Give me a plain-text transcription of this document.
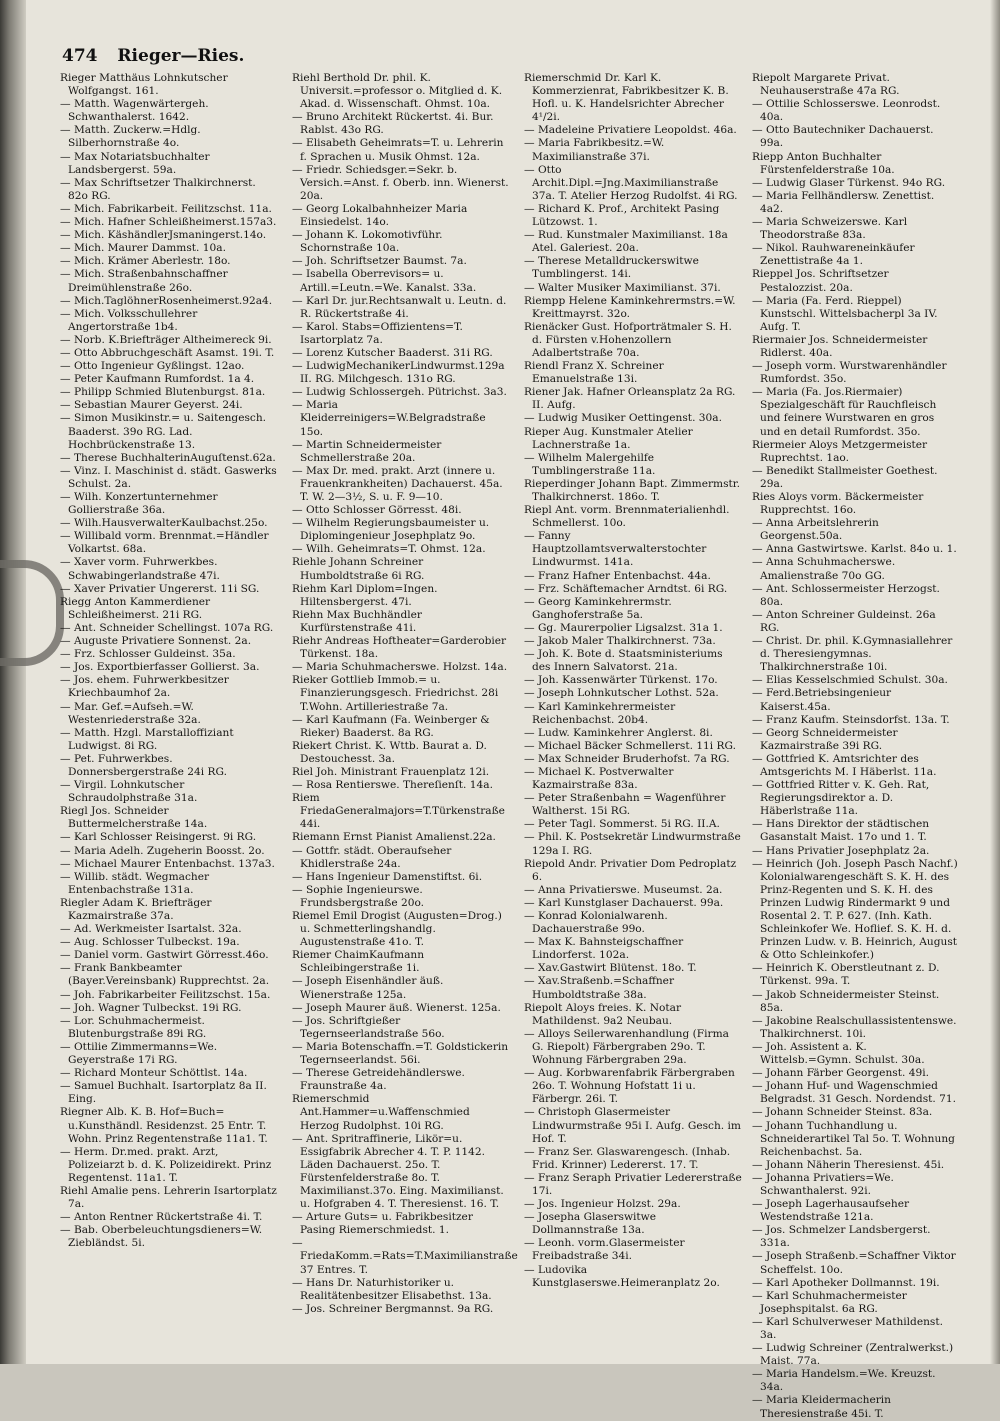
474 Rieger—Ries.

Rieger Matthäus Lohnkutscher Wolfgangst. 161.

— Matth. Wagenwärtergeh. Schwanthalerst. 1642.

— Matth. Zuckerw.=Hdlg. Silberhornstraße 4o.

— Max Notariatsbuchhalter Landsbergerst. 59a.

— Max Schriftsetzer Thalkirchnerst. 82o RG.

— Mich. Fabrikarbeit. Feilitzschst. 11a.

— Mich. Hafner Schleißheimerst.157a3.

— Mich. KäshändlerJsmaningerst.14o.

— Mich. Maurer Dammst. 10a.

— Mich. Krämer Aberlestr. 18o.

— Mich. Straßenbahnschaffner Dreimühlenstraße 26o.

— Mich.TaglöhnerRosenheimerst.92a4.

— Mich. Volksschullehrer Angertorstraße 1b4.

— Norb. K.Briefträger Altheimereck 9i.

— Otto Abbruchgeschäft Asamst. 19i. T.

— Otto Ingenieur Gyßlingst. 12ao.

— Peter Kaufmann Rumfordst. 1a 4.

— Philipp Schmied Blutenburgst. 81a.

— Sebastian Maurer Geyerst. 24i.

— Simon Musikinstr.= u. Saitengesch. Baaderst. 39o RG. Lad. Hochbrückenstraße 13.

— Therese BuchhalterinAuguſtenst.62a.

— Vinz. I. Maschinist d. städt. Gaswerks Schulst. 2a.

— Wilh. Konzertunternehmer Gollierstraße 36a.

— Wilh.HausverwalterKaulbachst.25o.

— Willibald vorm. Brennmat.=Händler Volkartst. 68a.

— Xaver vorm. Fuhrwerkbes. Schwabingerlandstraße 47i.

— Xaver Privatier Ungererst. 11i SG.

Riegg Anton Kammerdiener Schleißheimerst. 21i RG.

— Ant. Schneider Schellingst. 107a RG.

— Auguste Privatiere Sonnenst. 2a.

— Frz. Schlosser Guldeinst. 35a.

— Jos. Exportbierfasser Gollierst. 3a.

— Jos. ehem. Fuhrwerkbesitzer Kriechbaumhof 2a.

— Mar. Gef.=Aufseh.=W. Westenriederstraße 32a.

— Matth. Hzgl. Marstalloffiziant Ludwigst. 8i RG.

— Pet. Fuhrwerkbes. Donnersbergerstraße 24i RG.

— Virgil. Lohnkutscher Schraudolphstraße 31a.

Riegl Jos. Schneider Buttermelcherstraße 14a.

— Karl Schlosser Reisingerst. 9i RG.

— Maria Adelh. Zugeherin Boosst. 2o.

— Michael Maurer Entenbachst. 137a3.

— Willib. städt. Wegmacher Entenbachstraße 131a.

Riegler Adam K. Briefträger Kazmairstraße 37a.

— Ad. Werkmeister Isartalst. 32a.

— Aug. Schlosser Tulbeckst. 19a.

— Daniel vorm. Gastwirt Görresst.46o.

— Frank Bankbeamter (Bayer.Vereinsbank) Rupprechtst. 2a.

— Joh. Fabrikarbeiter Feilitzschst. 15a.

— Joh. Wagner Tulbeckst. 19i RG.

— Lor. Schuhmachermeist. Blutenburgstraße 89i RG.

— Ottilie Zimmermanns=We. Geyerstraße 17i RG.

— Richard Monteur Schöttlst. 14a.

— Samuel Buchhalt. Isartorplatz 8a II. Eing.

Riegner Alb. K. B. Hof=Buch= u.Kunsthändl. Residenzst. 25 Entr. T. Wohn. Prinz Regentenstraße 11a1. T.

— Herm. Dr.med. prakt. Arzt, Polizeiarzt b. d. K. Polizeidirekt. Prinz Regentenst. 11a1. T.

Riehl Amalie pens. Lehrerin Isartorplatz 7a.

— Anton Rentner Rückertstraße 4i. T.

— Bab. Oberbeleuchtungsdieners=W. Ziebländst. 5i.

Riehl Berthold Dr. phil. K. Universit.=professor o. Mitglied d. K. Akad. d. Wissenschaft. Ohmst. 10a.

— Bruno Architekt Rückertst. 4i. Bur. Rablst. 43o RG.

— Elisabeth Geheimrats=T. u. Lehrerin f. Sprachen u. Musik Ohmst. 12a.

— Friedr. Schiedsger.=Sekr. b. Versich.=Anst. f. Oberb. inn. Wienerst. 20a.

— Georg Lokalbahnheizer Maria Einsiedelst. 14o.

— Johann K. Lokomotivführ. Schornstraße 10a.

— Joh. Schriftsetzer Baumst. 7a.

— Isabella Oberrevisors= u. Artill.=Leutn.=We. Kanalst. 33a.

— Karl Dr. jur.Rechtsanwalt u. Leutn. d. R. Rückertstraße 4i.

— Karol. Stabs=Offizientens=T. Isartorplatz 7a.

— Lorenz Kutscher Baaderst. 31i RG.

— LudwigMechanikerLindwurmst.129a II. RG. Milchgesch. 131o RG.

— Ludwig Schlossergeh. Pütrichst. 3a3.

— Maria Kleiderreinigers=W.Belgradstraße 15o.

— Martin Schneidermeister Schmellerstraße 20a.

— Max Dr. med. prakt. Arzt (innere u. Frauenkrankheiten) Dachauerst. 45a. T. W. 2—3½, S. u. F. 9—10.

— Otto Schlosser Görresst. 48i.

— Wilhelm Regierungsbaumeister u. Diplomingenieur Josephplatz 9o.

— Wilh. Geheimrats=T. Ohmst. 12a.

Riehle Johann Schreiner Humboldtstraße 6i RG.

Riehm Karl Diplom=Ingen. Hiltensbergerst. 47i.

Riehn Max Buchhändler Kurfürstenstraße 41i.

Riehr Andreas Hoftheater=Garderobier Türkenst. 18a.

— Maria Schuhmacherswe. Holzst. 14a.

Rieker Gottlieb Immob.= u. Finanzierungsgesch. Friedrichst. 28i T.Wohn. Artilleriestraße 7a.

— Karl Kaufmann (Fa. Weinberger & Rieker) Baaderst. 8a RG.

Riekert Christ. K. Wttb. Baurat a. D. Destouchesst. 3a.

Riel Joh. Ministrant Frauenplatz 12i.

— Rosa Rentierswe. Thereſienſt. 14a.

Riem FriedaGeneralmajors=T.Türkenstraße 44i.

Riemann Ernst Pianist Amalienst.22a.

— Gottfr. städt. Oberaufseher Khidlerstraße 24a.

— Hans Ingenieur Damenstiftst. 6i.

— Sophie Ingenieurswe. Frundsbergstraße 20o.

Riemel Emil Drogist (Augusten=Drog.) u. Schmetterlingshandlg. Augustenstraße 41o. T.

Riemer ChaimKaufmann Schleibingerstraße 1i.

— Joseph Eisenhändler äuß. Wienerstraße 125a.

— Joseph Maurer äuß. Wienerst. 125a.

— Jos. Schriftgießer Tegernseerlandstraße 56o.

— Maria Botenschaffn.=T. Goldstickerin Tegernseerlandst. 56i.

— Therese Getreidehändlerswe. Fraunstraße 4a.

Riemerschmid Ant.Hammer=u.Waffenschmied Herzog Rudolphst. 10i RG.

— Ant. Spritraffinerie, Likör=u. Essigfabrik Abrecher 4. T. P. 1142. Läden Dachauerst. 25o. T. Fürstenfelderstraße 8o. T. Maximilianst.37o. Eing. Maximilianst. u. Hofgraben 4. T. Theresienst. 16. T.

— Arture Guts= u. Fabrikbesitzer Pasing Riemerschmiedst. 1.

— FriedaKomm.=Rats=T.Maximilianstraße 37 Entres. T.

— Hans Dr. Naturhistoriker u. Realitätenbesitzer Elisabethst. 13a.

— Jos. Schreiner Bergmannst. 9a RG.

Riemerschmid Dr. Karl K. Kommerzienrat, Fabrikbesitzer K. B. Hofl. u. K. Handelsrichter Abrecher 4¹/2i.

— Madeleine Privatiere Leopoldst. 46a.

— Maria Fabrikbesitz.=W. Maximilianstraße 37i.

— Otto Archit.Dipl.=Jng.Maximilianstraße 37a. T. Atelier Herzog Rudolfst. 4i RG.

— Richard K. Prof., Architekt Pasing Lützowst. 1.

— Rud. Kunstmaler Maximilianst. 18a Atel. Galeriest. 20a.

— Therese Metalldruckerswitwe Tumblingerst. 14i.

— Walter Musiker Maximilianst. 37i.

Riempp Helene Kaminkehrermstrs.=W. Kreittmayrst. 32o.

Rienäcker Gust. Hofporträtmaler S. H. d. Fürsten v.Hohenzollern Adalbertstraße 70a.

Riendl Franz X. Schreiner Emanuelstraße 13i.

Riener Jak. Hafner Orleansplatz 2a RG. II. Aufg.

— Ludwig Musiker Oettingenst. 30a.

Rieper Aug. Kunstmaler Atelier Lachnerstraße 1a.

— Wilhelm Malergehilfe Tumblingerstraße 11a.

Rieperdinger Johann Bapt. Zimmermstr. Thalkirchnerst. 186o. T.

Riepl Ant. vorm. Brennmaterialienhdl. Schmellerst. 10o.

— Fanny Hauptzollamtsverwalterstochter Lindwurmst. 141a.

— Franz Hafner Entenbachst. 44a.

— Frz. Schäftemacher Arndtst. 6i RG.

— Georg Kaminkehrermstr. Ganghoferstraße 5a.

— Gg. Maurerpolier Ligsalzst. 31a 1.

— Jakob Maler Thalkirchnerst. 73a.

— Joh. K. Bote d. Staatsministeriums des Innern Salvatorst. 21a.

— Joh. Kassenwärter Türkenst. 17o.

— Joseph Lohnkutscher Lothst. 52a.

— Karl Kaminkehrermeister Reichenbachst. 20b4.

— Ludw. Kaminkehrer Anglerst. 8i.

— Michael Bäcker Schmellerst. 11i RG.

— Max Schneider Bruderhofst. 7a RG.

— Michael K. Postverwalter Kazmairstraße 83a.

— Peter Straßenbahn = Wagenführer Waltherst. 15i RG.

— Peter Tagl. Sommerst. 5i RG. II.A.

— Phil. K. Postsekretär Lindwurmstraße 129a I. RG.

Riepold Andr. Privatier Dom Pedroplatz 6.

— Anna Privatierswe. Museumst. 2a.

— Karl Kunstglaser Dachauerst. 99a.

— Konrad Kolonialwarenh. Dachauerstraße 99o.

— Max K. Bahnsteigschaffner Lindorferst. 102a.

— Xav.Gastwirt Blütenst. 18o. T.

— Xav.Straßenb.=Schaffner Humboldtstraße 38a.

Riepolt Aloys freies. K. Notar Mathildenst. 9a2 Neubau.

— Alloys Seilerwarenhandlung (Firma G. Riepolt) Färbergraben 29o. T. Wohnung Färbergraben 29a.

— Aug. Korbwarenfabrik Färbergraben 26o. T. Wohnung Hofstatt 1i u. Färbergr. 26i. T.

— Christoph Glasermeister Lindwurmstraße 95i I. Aufg. Gesch. im Hof. T.

— Franz Ser. Glaswarengesch. (Inhab. Frid. Krinner) Ledererst. 17. T.

— Franz Seraph Privatier Ledererstraße 17i.

— Jos. Ingenieur Holzst. 29a.

— Josepha Glaserswitwe Dollmannstraße 13a.

— Leonh. vorm.Glasermeister Freibadstraße 34i.

— Ludovika Kunstglaserswe.Heimeranplatz 2o.

Riepolt Margarete Privat. Neuhauserstraße 47a RG.

— Ottilie Schlosserswe. Leonrodst. 40a.

— Otto Bautechniker Dachauerst. 99a.

Riepp Anton Buchhalter Fürstenfelderstraße 10a.

— Ludwig Glaser Türkenst. 94o RG.

— Maria Fellhändlersw. Zenettist. 4a2.

— Maria Schweizerswe. Karl Theodorstraße 83a.

— Nikol. Rauhwareneinkäufer Zenettistraße 4a 1.

Rieppel Jos. Schriftsetzer Pestalozzist. 20a.

— Maria (Fa. Ferd. Rieppel) Kunstschl. Wittelsbacherpl 3a IV. Aufg. T.

Riermaier Jos. Schneidermeister Ridlerst. 40a.

— Joseph vorm. Wurstwarenhändler Rumfordst. 35o.

— Maria (Fa. Jos.Riermaier) Spezialgeschäft für Rauchfleisch und feinere Wurstwaren en gros und en detail Rumfordst. 35o.

Riermeier Aloys Metzgermeister Ruprechtst. 1ao.

— Benedikt Stallmeister Goethest. 29a.

Ries Aloys vorm. Bäckermeister Rupprechtst. 16o.

— Anna Arbeitslehrerin Georgenst.50a.

— Anna Gastwirtswe. Karlst. 84o u. 1.

— Anna Schuhmacherswe. Amalienstraße 70o GG.

— Ant. Schlossermeister Herzogst. 80a.

— Anton Schreiner Guldeinst. 26a RG.

— Christ. Dr. phil. K.Gymnasiallehrer d. Theresiengymnas. Thalkirchnerstraße 10i.

— Elias Kesselschmied Schulst. 30a.

— Ferd.Betriebsingenieur Kaiserst.45a.

— Franz Kaufm. Steinsdorfst. 13a. T.

— Georg Schneidermeister Kazmairstraße 39i RG.

— Gottfried K. Amtsrichter des Amtsgerichts M. I Häberlst. 11a.

— Gottfried Ritter v. K. Geh. Rat, Regierungsdirektor a. D. Häberlstraße 11a.

— Hans Direktor der städtischen Gasanstalt Maist. 17o und 1. T.

— Hans Privatier Josephplatz 2a.

— Heinrich (Joh. Joseph Pasch Nachf.) Kolonialwarengeschäft S. K. H. des Prinz-Regenten und S. K. H. des Prinzen Ludwig Rindermarkt 9 und Rosental 2. T. P. 627. (Inh. Kath. Schleinkofer We. Hoflief. S. K. H. d. Prinzen Ludw. v. B. Heinrich, August & Otto Schleinkofer.)

— Heinrich K. Oberstleutnant z. D. Türkenst. 99a. T.

— Jakob Schneidermeister Steinst. 85a.

— Jakobine Realschullassistentenswe. Thalkirchnerst. 10i.

— Joh. Assistent a. K. Wittelsb.=Gymn. Schulst. 30a.

— Johann Färber Georgenst. 49i.

— Johann Huf- und Wagenschmied Belgradst. 31 Gesch. Nordendst. 71.

— Johann Schneider Steinst. 83a.

— Johann Tuchhandlung u. Schneiderartikel Tal 5o. T. Wohnung Reichenbachst. 5a.

— Johann Näherin Theresienst. 45i.

— Johanna Privatiers=We. Schwanthalerst. 92i.

— Joseph Lagerhausaufseher Westendstraße 121a.

— Jos. Schmelzer Landsbergerst. 331a.

— Joseph Straßenb.=Schaffner Viktor Scheffelst. 10o.

— Karl Apotheker Dollmannst. 19i.

— Karl Schuhmachermeister Josephspitalst. 6a RG.

— Karl Schulverweser Mathildenst. 3a.

— Ludwig Schreiner (Zentralwerkst.) Maist. 77a.

— Maria Handelsm.=We. Kreuzst. 34a.

— Maria Kleidermacherin Theresienstraße 45i. T.
